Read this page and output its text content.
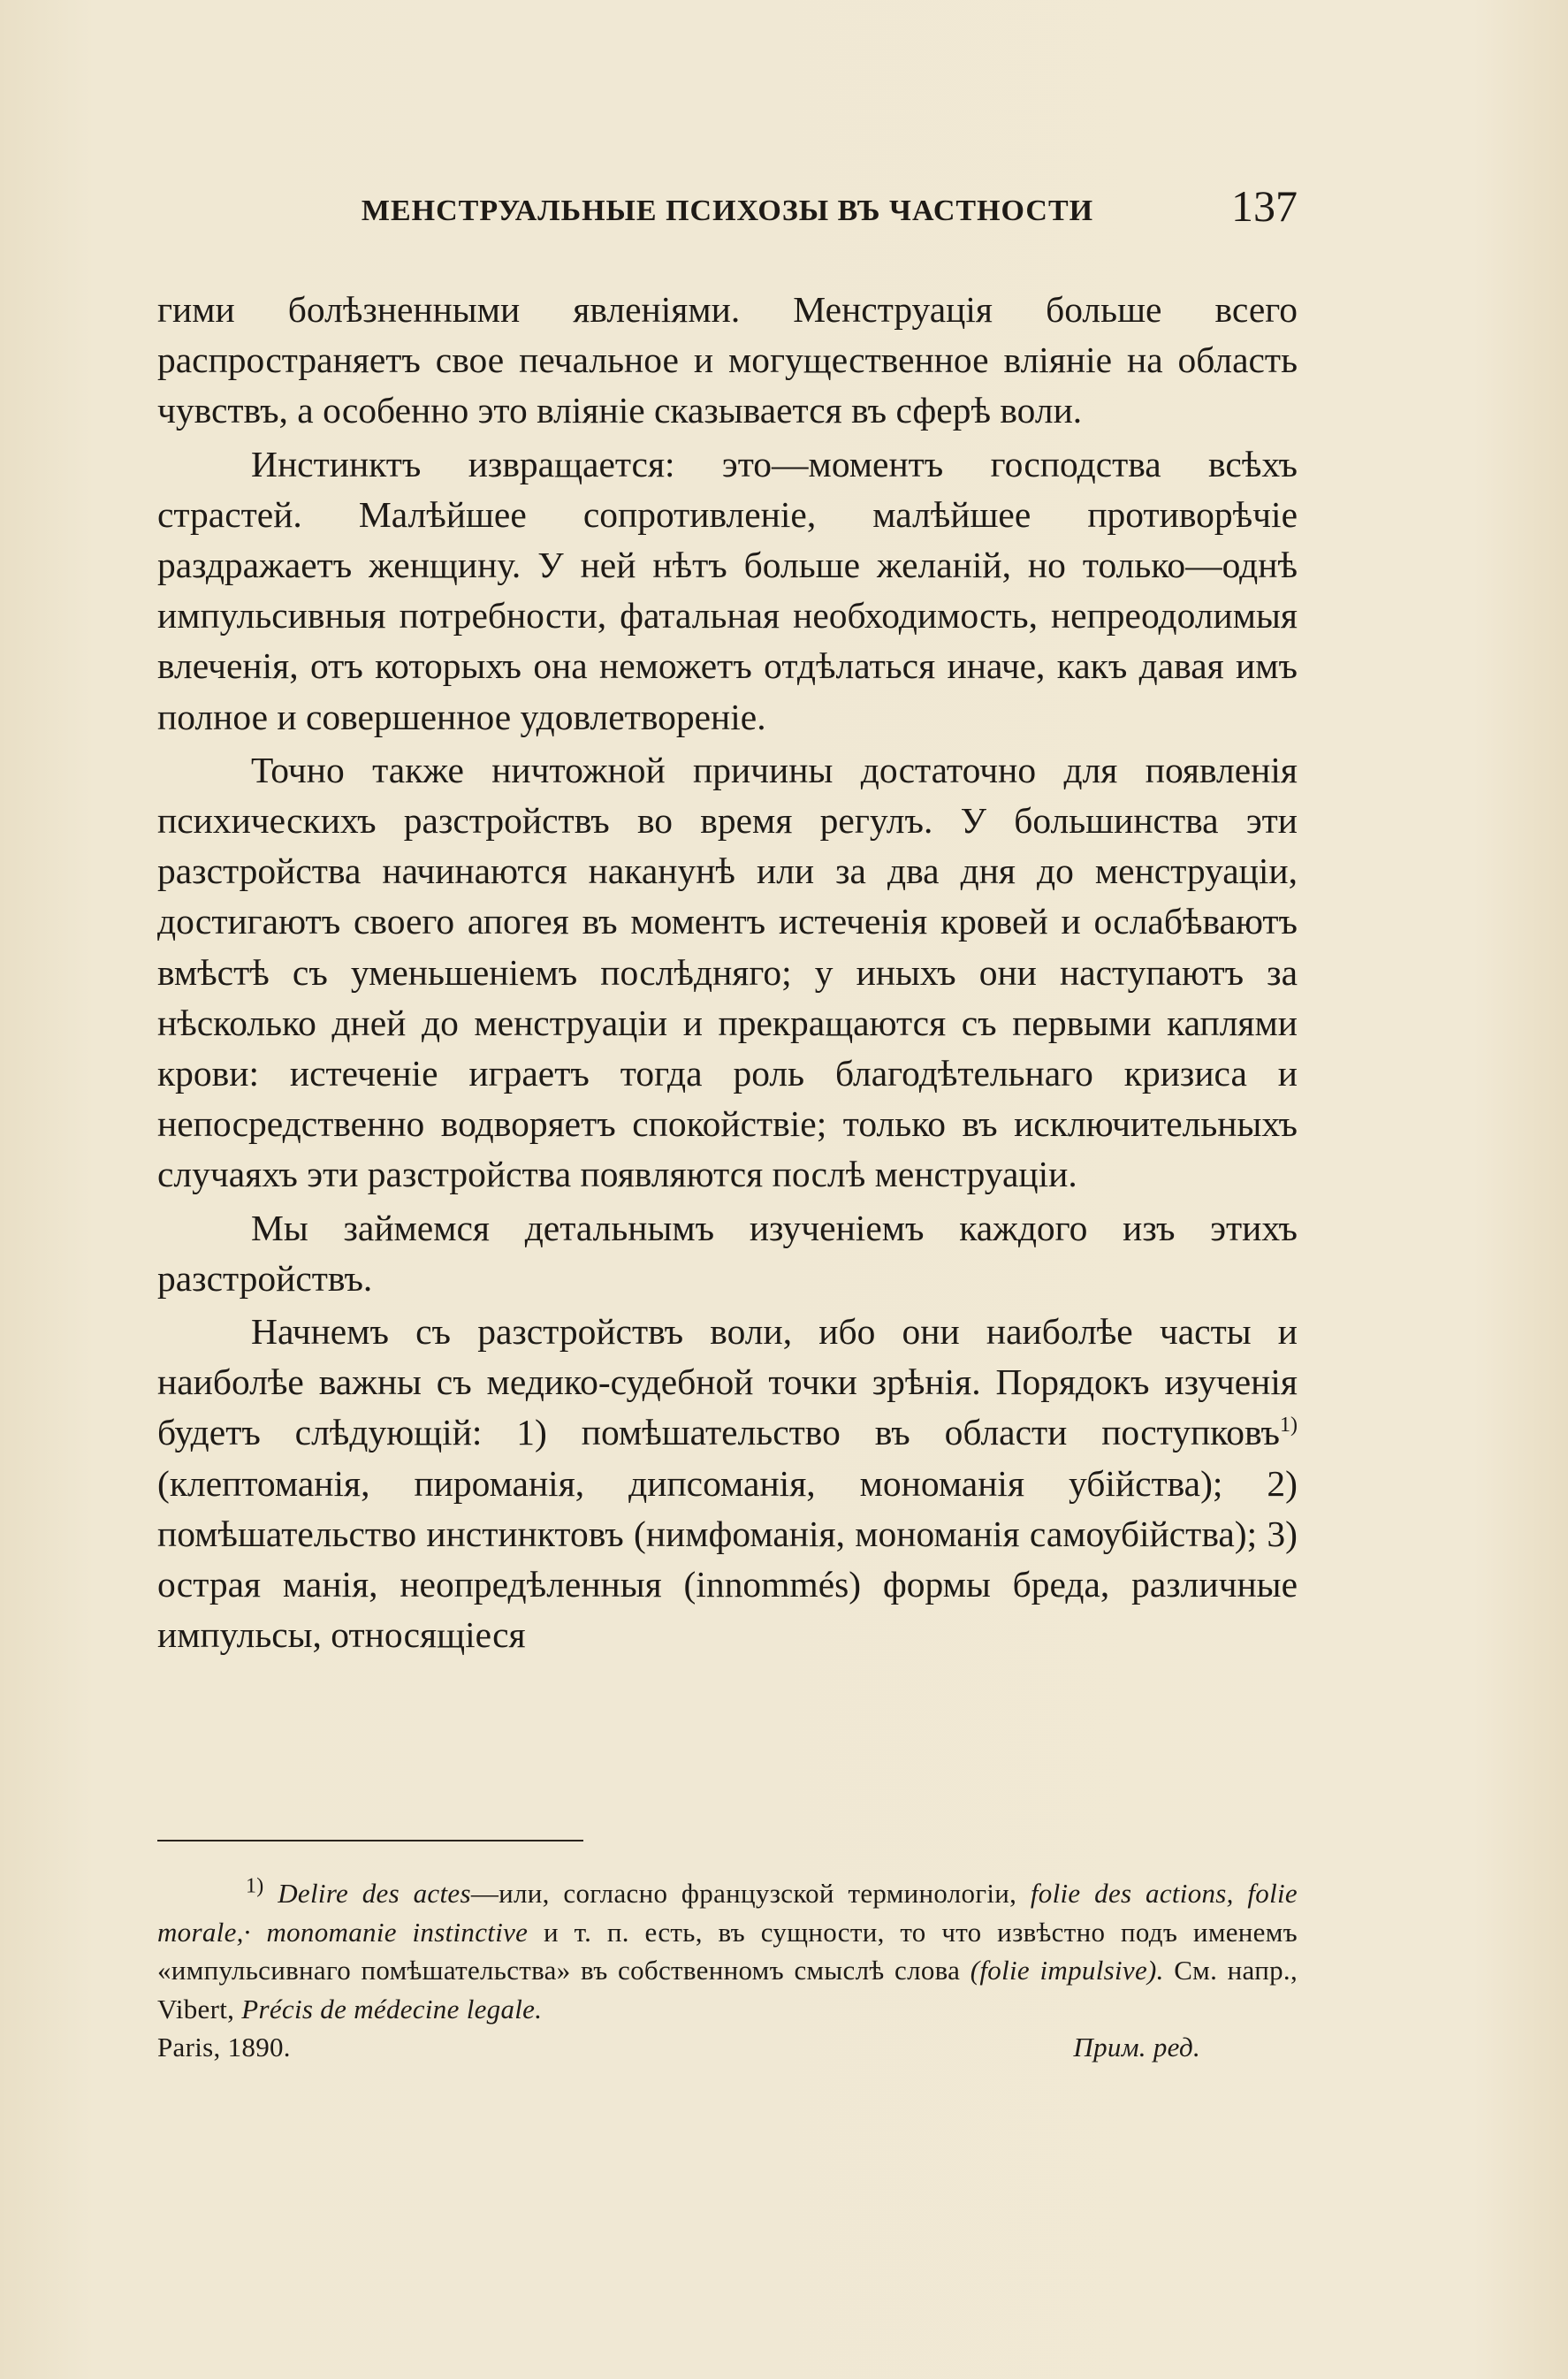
МЕНСТРУАЛЬНЫЕ ПСИХОЗЫ ВЪ ЧАСТНОСТИ	137

гими болѣзненными явленіями. Менструація больше всего распространяетъ свое печальное и могущественное вліяніе на область чувствъ, а особенно это вліяніе сказывается въ сферѣ воли.

Инстинктъ извращается: это—моментъ господства всѣхъ страстей. Малѣйшее сопротивленіе, малѣйшее противорѣчіе раздражаетъ женщину. У ней нѣтъ больше желаній, но только—однѣ импульсивныя потребности, фатальная необходимость, непреодолимыя влеченія, отъ которыхъ она неможетъ отдѣлаться иначе, какъ давая имъ полное и совершенное удовлетвореніе.

Точно также ничтожной причины достаточно для появленія психическихъ разстройствъ во время регулъ. У большинства эти разстройства начинаются наканунѣ или за два дня до менструаціи, достигаютъ своего апогея въ моментъ истеченія кровей и ослабѣваютъ вмѣстѣ съ уменьшеніемъ послѣдняго; у иныхъ они наступаютъ за нѣсколько дней до менструаціи и прекращаются съ первыми каплями крови: истеченіе играетъ тогда роль благодѣтельнаго кризиса и непосредственно водворяетъ спокойствіе; только въ исключительныхъ случаяхъ эти разстройства появляются послѣ менструаціи.

Мы займемся детальнымъ изученіемъ каждого изъ этихъ разстройствъ.

Начнемъ съ разстройствъ воли, ибо они наиболѣе часты и наиболѣе важны съ медико-судебной точки зрѣнія. Порядокъ изученія будетъ слѣдующій: 1) помѣшательство въ области поступковъ$^{1)}$ (клептоманія, пироманія, дипсоманія, мономанія убійства); 2) помѣшательство инстинктовъ (нимфоманія, мономанія самоубійства); 3) острая манія, неопредѣленныя (innommés) формы бреда, различные импульсы, относящіеся

$^{1)}$ Delire des actes—или, согласно французской терминологіи, folie des actions, folie morale,· monomanie instinctive и т. п. есть, въ сущности, то что извѣстно подъ именемъ «импульсивнаго помѣшательства» въ собственномъ смыслѣ слова (folie impulsive). См. напр., Vibert, Précis de médecine legale.
Paris, 1890.	Прим. ред.
